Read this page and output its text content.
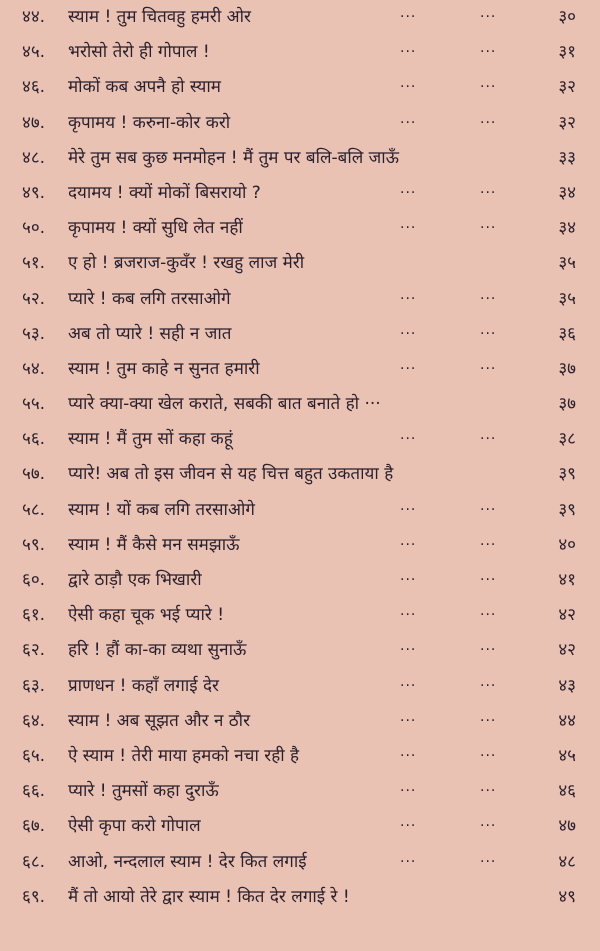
४४. स्याम ! तुम चितवहु हमरी ओर	···	···	३०
४५. भरोसो तेरो ही गोपाल !	···	···	३१
४६. मोकों कब अपनै हो स्याम	···	···	३२
४७. कृपामय ! करुना-कोर करो	···	···	३२
४८. मेरे तुम सब कुछ मनमोहन ! मैं तुम पर बलि-बलि जाऊँ	३३
४९. दयामय ! क्यों मोकों बिसरायो ?	···	···	३४
५०. कृपामय ! क्यों सुधि लेत नहीं	···	···	३४
५१. ए हो ! ब्रजराज-कुवँर ! रखहु लाज मेरी	३५
५२. प्यारे ! कब लगि तरसाओगे	···	···	३५
५३. अब तो प्यारे ! सही न जात	···	···	३६
५४. स्याम ! तुम काहे न सुनत हमारी	···	···	३७
५५. प्यारे क्या-क्या खेल कराते, सबकी बात बनाते हो ···	३७
५६. स्याम ! मैं तुम सों कहा कहूं	···	···	३८
५७. प्यारे! अब तो इस जीवन से यह चित्त बहुत उकताया है	३९
५८. स्याम ! यों कब लगि तरसाओगे	···	···	३९
५९. स्याम ! मैं कैसे मन समझाऊँ	···	···	४०
६०. द्वारे ठाड़ौ एक भिखारी	···	···	४१
६१. ऐसी कहा चूक भई प्यारे !	···	···	४२
६२. हरि ! हौं का-का व्यथा सुनाऊँ	···	···	४२
६३. प्राणधन ! कहाँ लगाई देर	···	···	४३
६४. स्याम ! अब सूझत और न ठौर	···	···	४४
६५. ऐ स्याम ! तेरी माया हमको नचा रही है	···	···	४५
६६. प्यारे ! तुमसों कहा दुराऊँ	···	···	४६
६७. ऐसी कृपा करो गोपाल	···	···	४७
६८. आओ, नन्दलाल स्याम ! देर कित लगाई	···	···	४८
६९. मैं तो आयो तेरे द्वार स्याम ! कित देर लगाई रे !	४९
